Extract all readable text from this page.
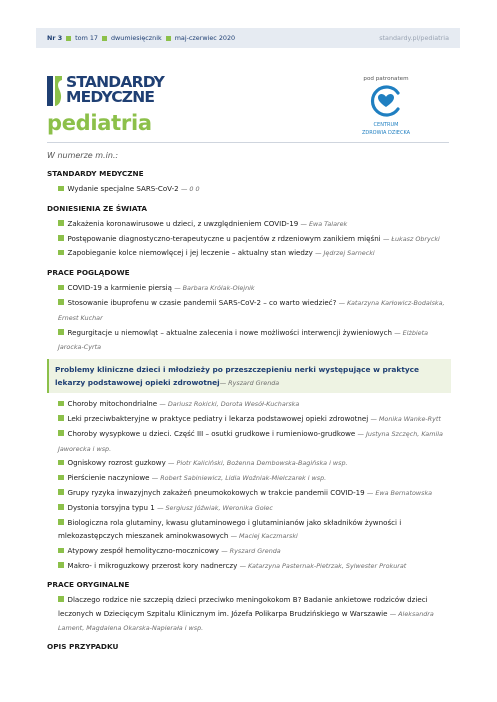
Nr 3 tom 17 dwumiesięcznik maj-czerwiec 2020	standardy.pl/pediatria
STANDARDY
MEDYCZNE
pediatria
pod patronatem
CENTRUM
ZDROWIA DZIECKA
W numerze m.in.:
STANDARDY MEDYCZNE
Wydanie specjalne SARS-CoV-2 — 0 0
DONIESIENIA ZE ŚWIATA
Zakażenia koronawirusowe u dzieci, z uwzględnieniem COVID-19 — Ewa Talarek
Postępowanie diagnostyczno-terapeutyczne u pacjentów z rdzeniowym zanikiem mięśni — Łukasz Obrycki
Zapobieganie kolce niemowlęcej i jej leczenie – aktualny stan wiedzy — Jędrzej Sarnecki
PRACE POGLĄDOWE
COVID-19 a karmienie piersią — Barbara Królak-Olejnik
Stosowanie ibuprofenu w czasie pandemii SARS-CoV-2 – co warto wiedzieć? — Katarzyna Karłowicz-Bodalska, Ernest Kuchar
Regurgitacje u niemowląt – aktualne zalecenia i nowe możliwości interwencji żywieniowych — Elżbieta Jarocka-Cyrta
Problemy kliniczne dzieci i młodzieży po przeszczepieniu nerki występujące w praktyce lekarzy podstawowej opieki zdrowotnej— Ryszard Grenda
Choroby mitochondrialne — Dariusz Rokicki, Dorota Wesół-Kucharska
Leki przeciwbakteryjne w praktyce pediatry i lekarza podstawowej opieki zdrowotnej — Monika Wanke-Rytt
Choroby wysypkowe u dzieci. Część III – osutki grudkowe i rumieniowo-grudkowe — Justyna Szczęch, Kamila Jaworecka i wsp.
Ogniskowy rozrost guzkowy — Piotr Kaliciński, Bożenna Dembowska-Bagińska i wsp.
Pierścienie naczyniowe — Robert Sabiniewicz, Lidia Woźniak-Mielczarek i wsp.
Grupy ryzyka inwazyjnych zakażeń pneumokokowych w trakcie pandemii COVID-19 — Ewa Bernatowska
Dystonia torsyjna typu 1 — Sergiusz Jóźwiak, Weronika Golec
Biologiczna rola glutaminy, kwasu glutaminowego i glutaminianów jako składników żywności i mlekozastępczych mieszanek aminokwasowych — Maciej Kaczmarski
Atypowy zespół hemolityczno-mocznicowy — Ryszard Grenda
Makro- i mikroguzkowy przerost kory nadnerczy — Katarzyna Pasternak-Pietrzak, Sylwester Prokurat
PRACE ORYGINALNE
Dlaczego rodzice nie szczepią dzieci przeciwko meningokokom B? Badanie ankietowe rodziców dzieci leczonych w Dziecięcym Szpitalu Klinicznym im. Józefa Polikarpa Brudzińskiego w Warszawie — Aleksandra Lament, Magdalena Okarska-Napierała i wsp.
OPIS PRZYPADKU
